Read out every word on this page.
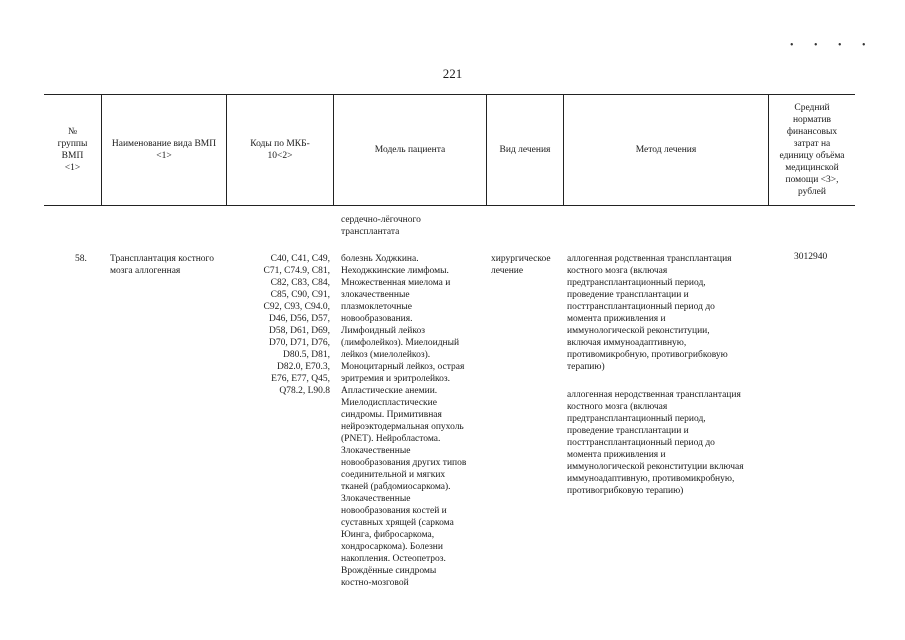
221
• • • •
№
группы
ВМП
<1>
Наименование вида ВМП
<1>
Коды по МКБ-
10<2>
Модель пациента	Вид лечения	Метод лечения
Средний
норматив
финансовых
затрат на
единицу объёма
медицинской
помощи <3>,
рублей
сердечно-лёгочного
трансплантата
58. Трансплантация костного
мозга аллогенная
C40, C41, C49,
C71, C74.9, C81,
C82, C83, C84,
C85, C90, C91,
C92, C93, C94.0,
D46, D56, D57,
D58, D61, D69,
D70, D71, D76,
D80.5, D81,
D82.0, E70.3,
E76, E77, Q45,
Q78.2, L90.8
болезнь Ходжкина.
Неходжкинские лимфомы.
Множественная миелома и
злокачественные
плазмоклеточные
новообразования.
Лимфоидный лейкоз
(лимфолейкоз). Миелоидный
лейкоз (миелолейкоз).
Моноцитарный лейкоз, острая
эритремия и эритролейкоз.
Апластические анемии.
Миелодиспластические
синдромы. Примитивная
нейроэктодермальная опухоль
(PNET). Нейробластома.
Злокачественные
новообразования других типов
соединительной и мягких
тканей (рабдомиосаркома).
Злокачественные
новообразования костей и
суставных хрящей (саркома
Юинга, фибросаркома,
хондросаркома). Болезни
накопления. Остеопетроз.
Врождённые синдромы
костно-мозговой
хирургическое
лечение
аллогенная родственная трансплантация
костного мозга (включая
предтрансплантационный период,
проведение трансплантации и
посттрансплантационный период до
момента приживления и
иммунологической реконституции,
включая иммуноадаптивную,
противомикробную, противогрибковую
терапию)
аллогенная неродственная трансплантация
костного мозга (включая
предтрансплантационный период,
проведение трансплантации и
посттрансплантационный период до
момента приживления и
иммунологической реконституции включая
иммуноадаптивную, противомикробную,
противогрибковую терапию)
3012940
